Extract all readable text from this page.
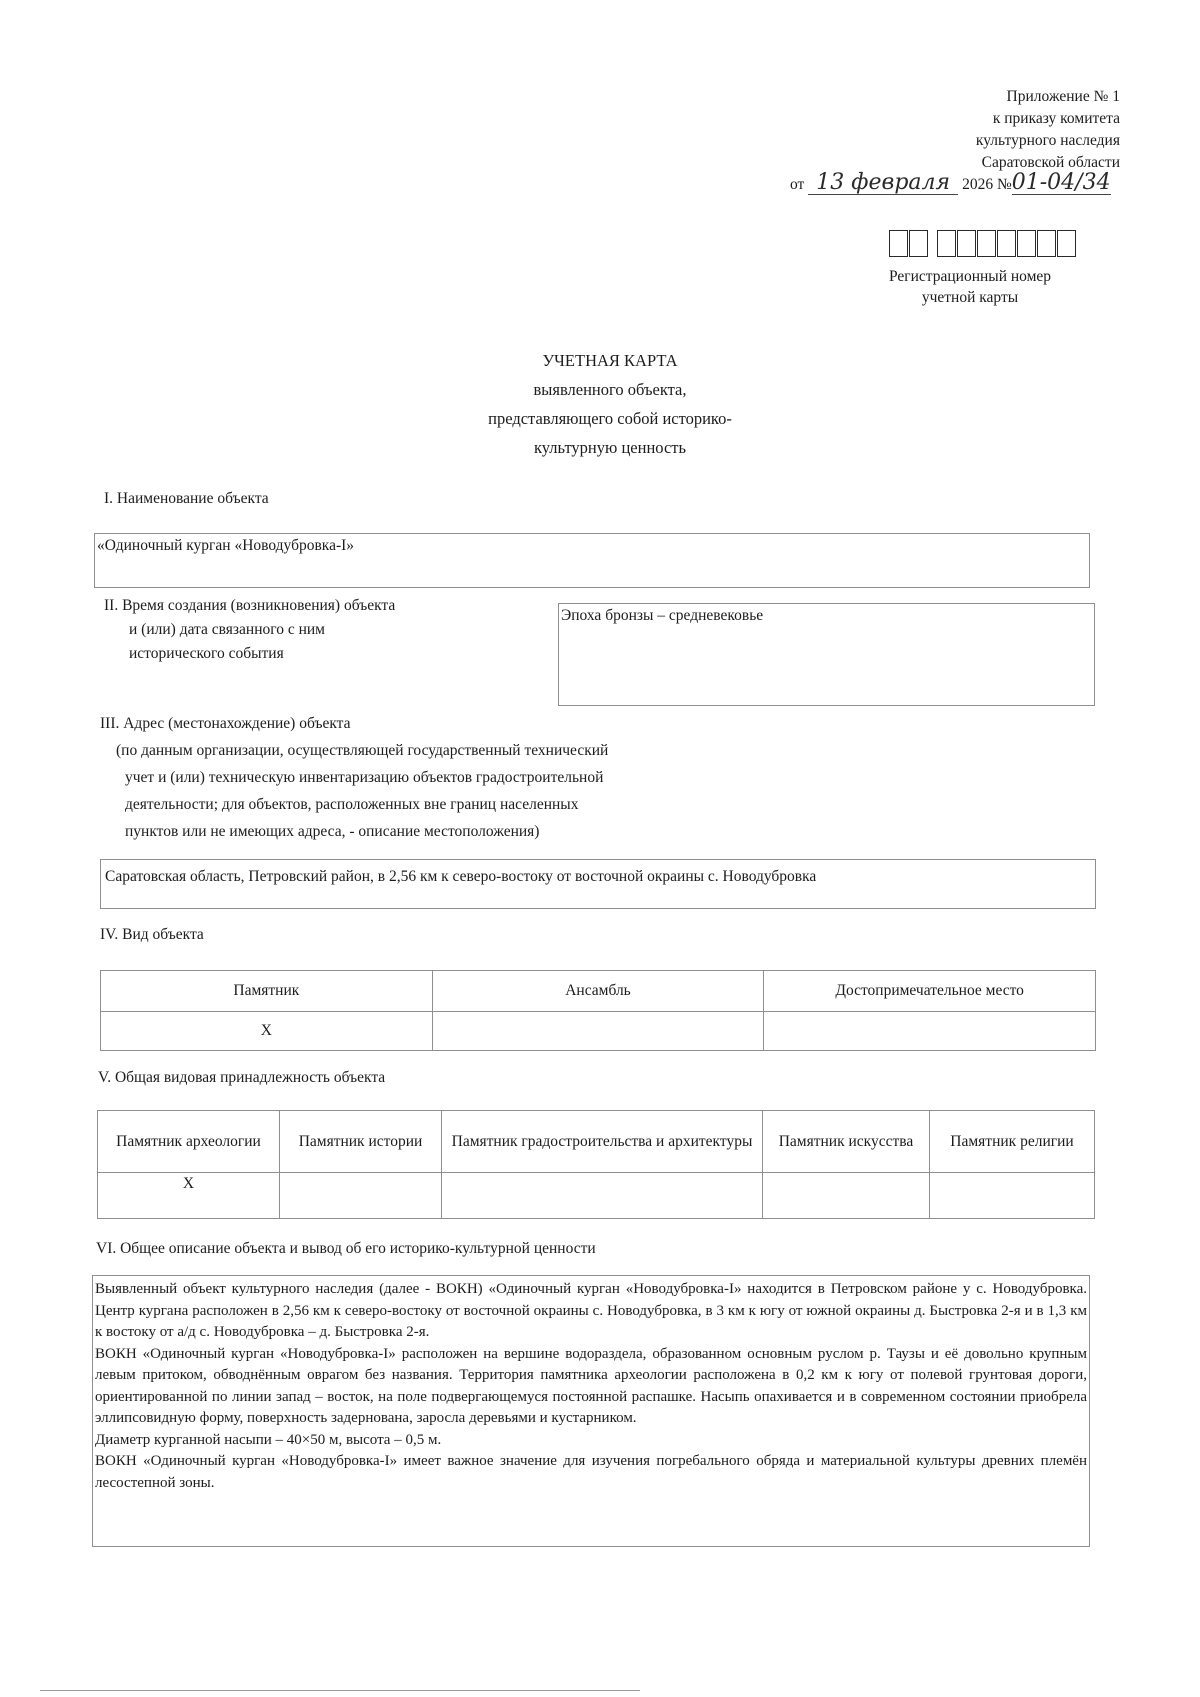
Приложение № 1
к приказу комитета
культурного наследия
Саратовской области
от 13 февраля 2026 №01-04/34
Регистрационный номер
учетной карты
УЧЕТНАЯ КАРТА
выявленного объекта,
представляющего собой историко-
культурную ценность
I. Наименование объекта
«Одиночный курган «Новодубровка-I»
II. Время создания (возникновения) объекта
и (или) дата связанного с ним
исторического события
Эпоха бронзы – средневековье
III. Адрес (местонахождение) объекта
(по данным организации, осуществляющей государственный технический
учет и (или) техническую инвентаризацию объектов градостроительной
деятельности; для объектов, расположенных вне границ населенных
пунктов или не имеющих адреса, - описание местоположения)
Саратовская область, Петровский район, в 2,56 км к северо-востоку от восточной окраины с. Новодубровка
IV. Вид объекта
Памятник	Ансамбль	Достопримечательное место
X		
V. Общая видовая принадлежность объекта
Памятник археологии	Памятник истории	Памятник градостроительства и архитектуры	Памятник искусства	Памятник религии
X				
VI. Общее описание объекта и вывод об его историко-культурной ценности

Выявленный объект культурного наследия (далее - ВОКН) «Одиночный курган «Новодубровка-I» находится в Петровском районе у с. Новодубровка. Центр кургана расположен в 2,56 км к северо-востоку от восточной окраины с. Новодубровка, в 3 км к югу от южной окраины д. Быстровка 2-я и в 1,3 км к востоку от а/д с. Новодубровка – д. Быстровка 2-я.

ВОКН «Одиночный курган «Новодубровка-I» расположен на вершине водораздела, образованном основным руслом р. Таузы и её довольно крупным левым притоком, обводнённым оврагом без названия. Территория памятника археологии расположена в 0,2 км к югу от полевой грунтовая дороги, ориентированной по линии запад – восток, на поле подвергающемуся постоянной распашке. Насыпь опахивается и в современном состоянии приобрела эллипсовидную форму, поверхность задернована, заросла деревьями и кустарником.

Диаметр курганной насыпи – 40×50 м, высота – 0,5 м.

ВОКН «Одиночный курган «Новодубровка-I» имеет важное значение для изучения погребального обряда и материальной культуры древних племён лесостепной зоны.
